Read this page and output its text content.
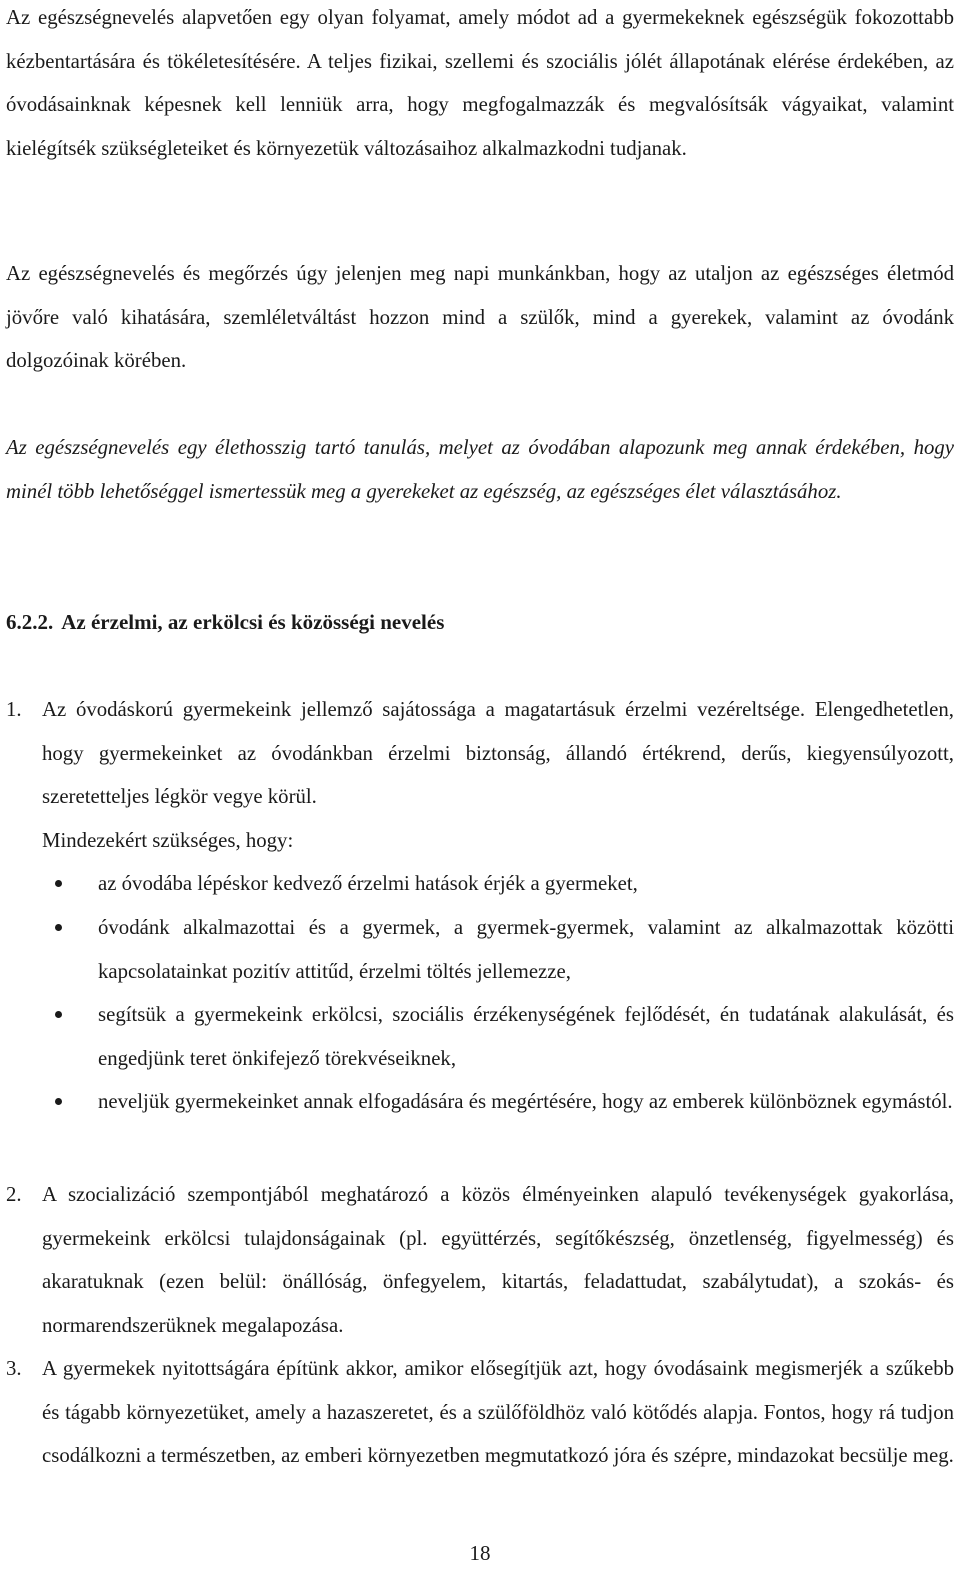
Az egészségnevelés alapvetően egy olyan folyamat, amely módot ad a gyermekeknek egészségük fokozottabb kézbentartására és tökéletesítésére. A teljes fizikai, szellemi és szociális jólét állapotának elérése érdekében, az óvodásainknak képesnek kell lenniük arra, hogy megfogalmazzák és megvalósítsák vágyaikat, valamint kielégítsék szükségleteiket és környezetük változásaihoz alkalmazkodni tudjanak.

Az egészségnevelés és megőrzés úgy jelenjen meg napi munkánkban, hogy az utaljon az egészséges életmód jövőre való kihatására, szemléletváltást hozzon mind a szülők, mind a gyerekek, valamint az óvodánk dolgozóinak körében.

Az egészségnevelés egy élethosszig tartó tanulás, melyet az óvodában alapozunk meg annak érdekében, hogy minél több lehetőséggel ismertessük meg a gyerekeket az egészség, az egészséges élet választásához.

6.2.2. Az érzelmi, az erkölcsi és közösségi nevelés
1. Az óvodáskorú gyermekeink jellemző sajátossága a magatartásuk érzelmi vezéreltsége. Elengedhetetlen, hogy gyermekeinket az óvodánkban érzelmi biztonság, állandó értékrend, derűs, kiegyensúlyozott, szeretetteljes légkör vegye körül.
Mindezekért szükséges, hogy:
az óvodába lépéskor kedvező érzelmi hatások érjék a gyermeket,
óvodánk alkalmazottai és a gyermek, a gyermek-gyermek, valamint az alkalmazottak közötti kapcsolatainkat pozitív attitűd, érzelmi töltés jellemezze,
segítsük a gyermekeink erkölcsi, szociális érzékenységének fejlődését, én tudatának alakulását, és engedjünk teret önkifejező törekvéseiknek,
neveljük gyermekeinket annak elfogadására és megértésére, hogy az emberek különböznek egymástól.
2. A szocializáció szempontjából meghatározó a közös élményeinken alapuló tevékenységek gyakorlása, gyermekeink erkölcsi tulajdonságainak (pl. együttérzés, segítőkészség, önzetlenség, figyelmesség) és akaratuknak (ezen belül: önállóság, önfegyelem, kitartás, feladattudat, szabálytudat), a szokás- és normarendszerüknek megalapozása.
3. A gyermekek nyitottságára építünk akkor, amikor elősegítjük azt, hogy óvodásaink megismerjék a szűkebb és tágabb környezetüket, amely a hazaszeretet, és a szülőföldhöz való kötődés alapja. Fontos, hogy rá tudjon csodálkozni a természetben, az emberi környezetben megmutatkozó jóra és szépre, mindazokat becsülje meg.
18
